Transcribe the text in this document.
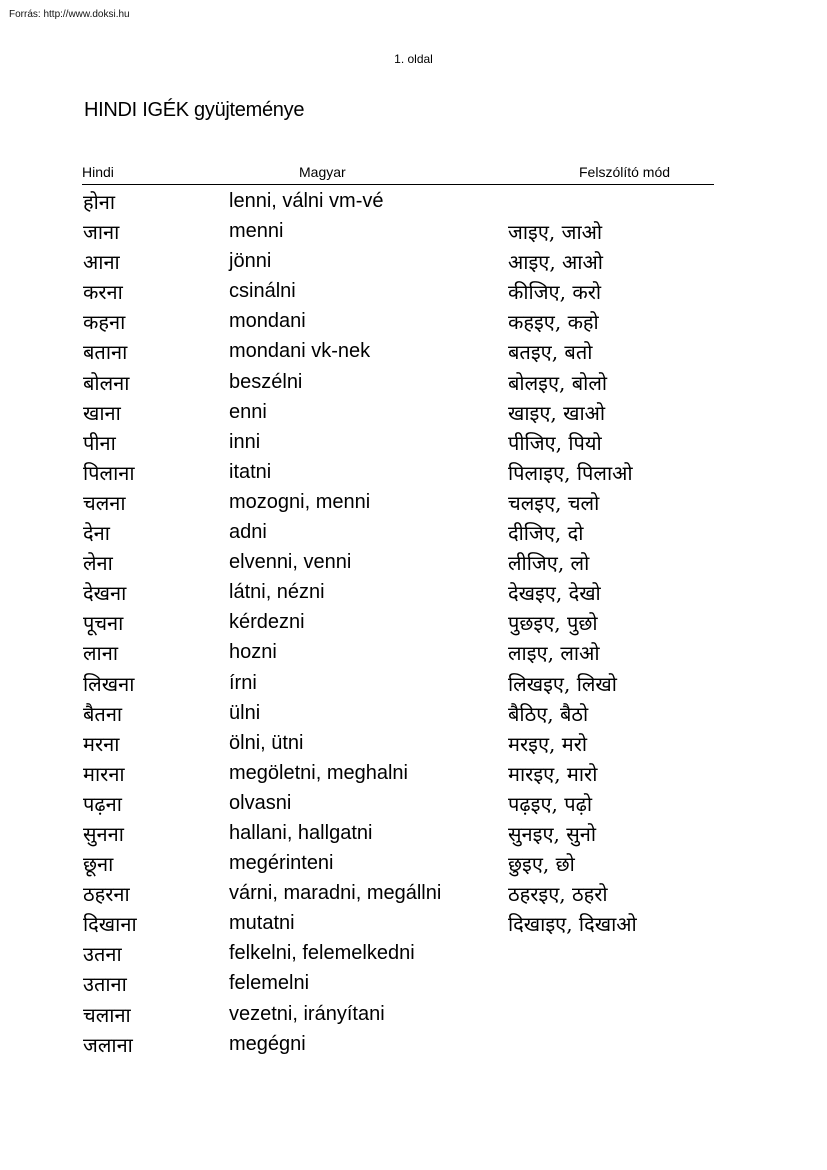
Forrás: http://www.doksi.hu
1. oldal
HINDI IGÉK gyüjteménye
Hindi	Magyar	Felszólító mód
होना	lenni, válni vm-vé
जाना	menni	जाइए, जाओ
आना	jönni	आइए, आओ
करना	csinálni	कीजिए, करो
कहना	mondani	कहइए, कहो
बताना	mondani vk-nek	बतइए, बतो
बोलना	beszélni	बोलइए, बोलो
खाना	enni	खाइए, खाओ
पीना	inni	पीजिए, पियो
पिलाना	itatni	पिलाइए, पिलाओ
चलना	mozogni, menni	चलइए, चलो
देना	adni	दीजिए, दो
लेना	elvenni, venni	लीजिए, लो
देखना	látni, nézni	देखइए, देखो
पूचना	kérdezni	पुछइए, पुछो
लाना	hozni	लाइए, लाओ
लिखना	írni	लिखइए, लिखो
बैतना	ülni	बैठिए, बैठो
मरना	ölni, ütni	मरइए, मरो
मारना	megöletni, meghalni	मारइए, मारो
पढ़ना	olvasni	पढ़इए, पढ़ो
सुनना	hallani, hallgatni	सुनइए, सुनो
छूना	megérinteni	छुइए, छो
ठहरना	várni, maradni, megállni	ठहरइए, ठहरो
दिखाना	mutatni	दिखाइए, दिखाओ
उतना	felkelni, felemelkedni
उताना	felemelni
चलाना	vezetni, irányítani
जलाना	megégni
